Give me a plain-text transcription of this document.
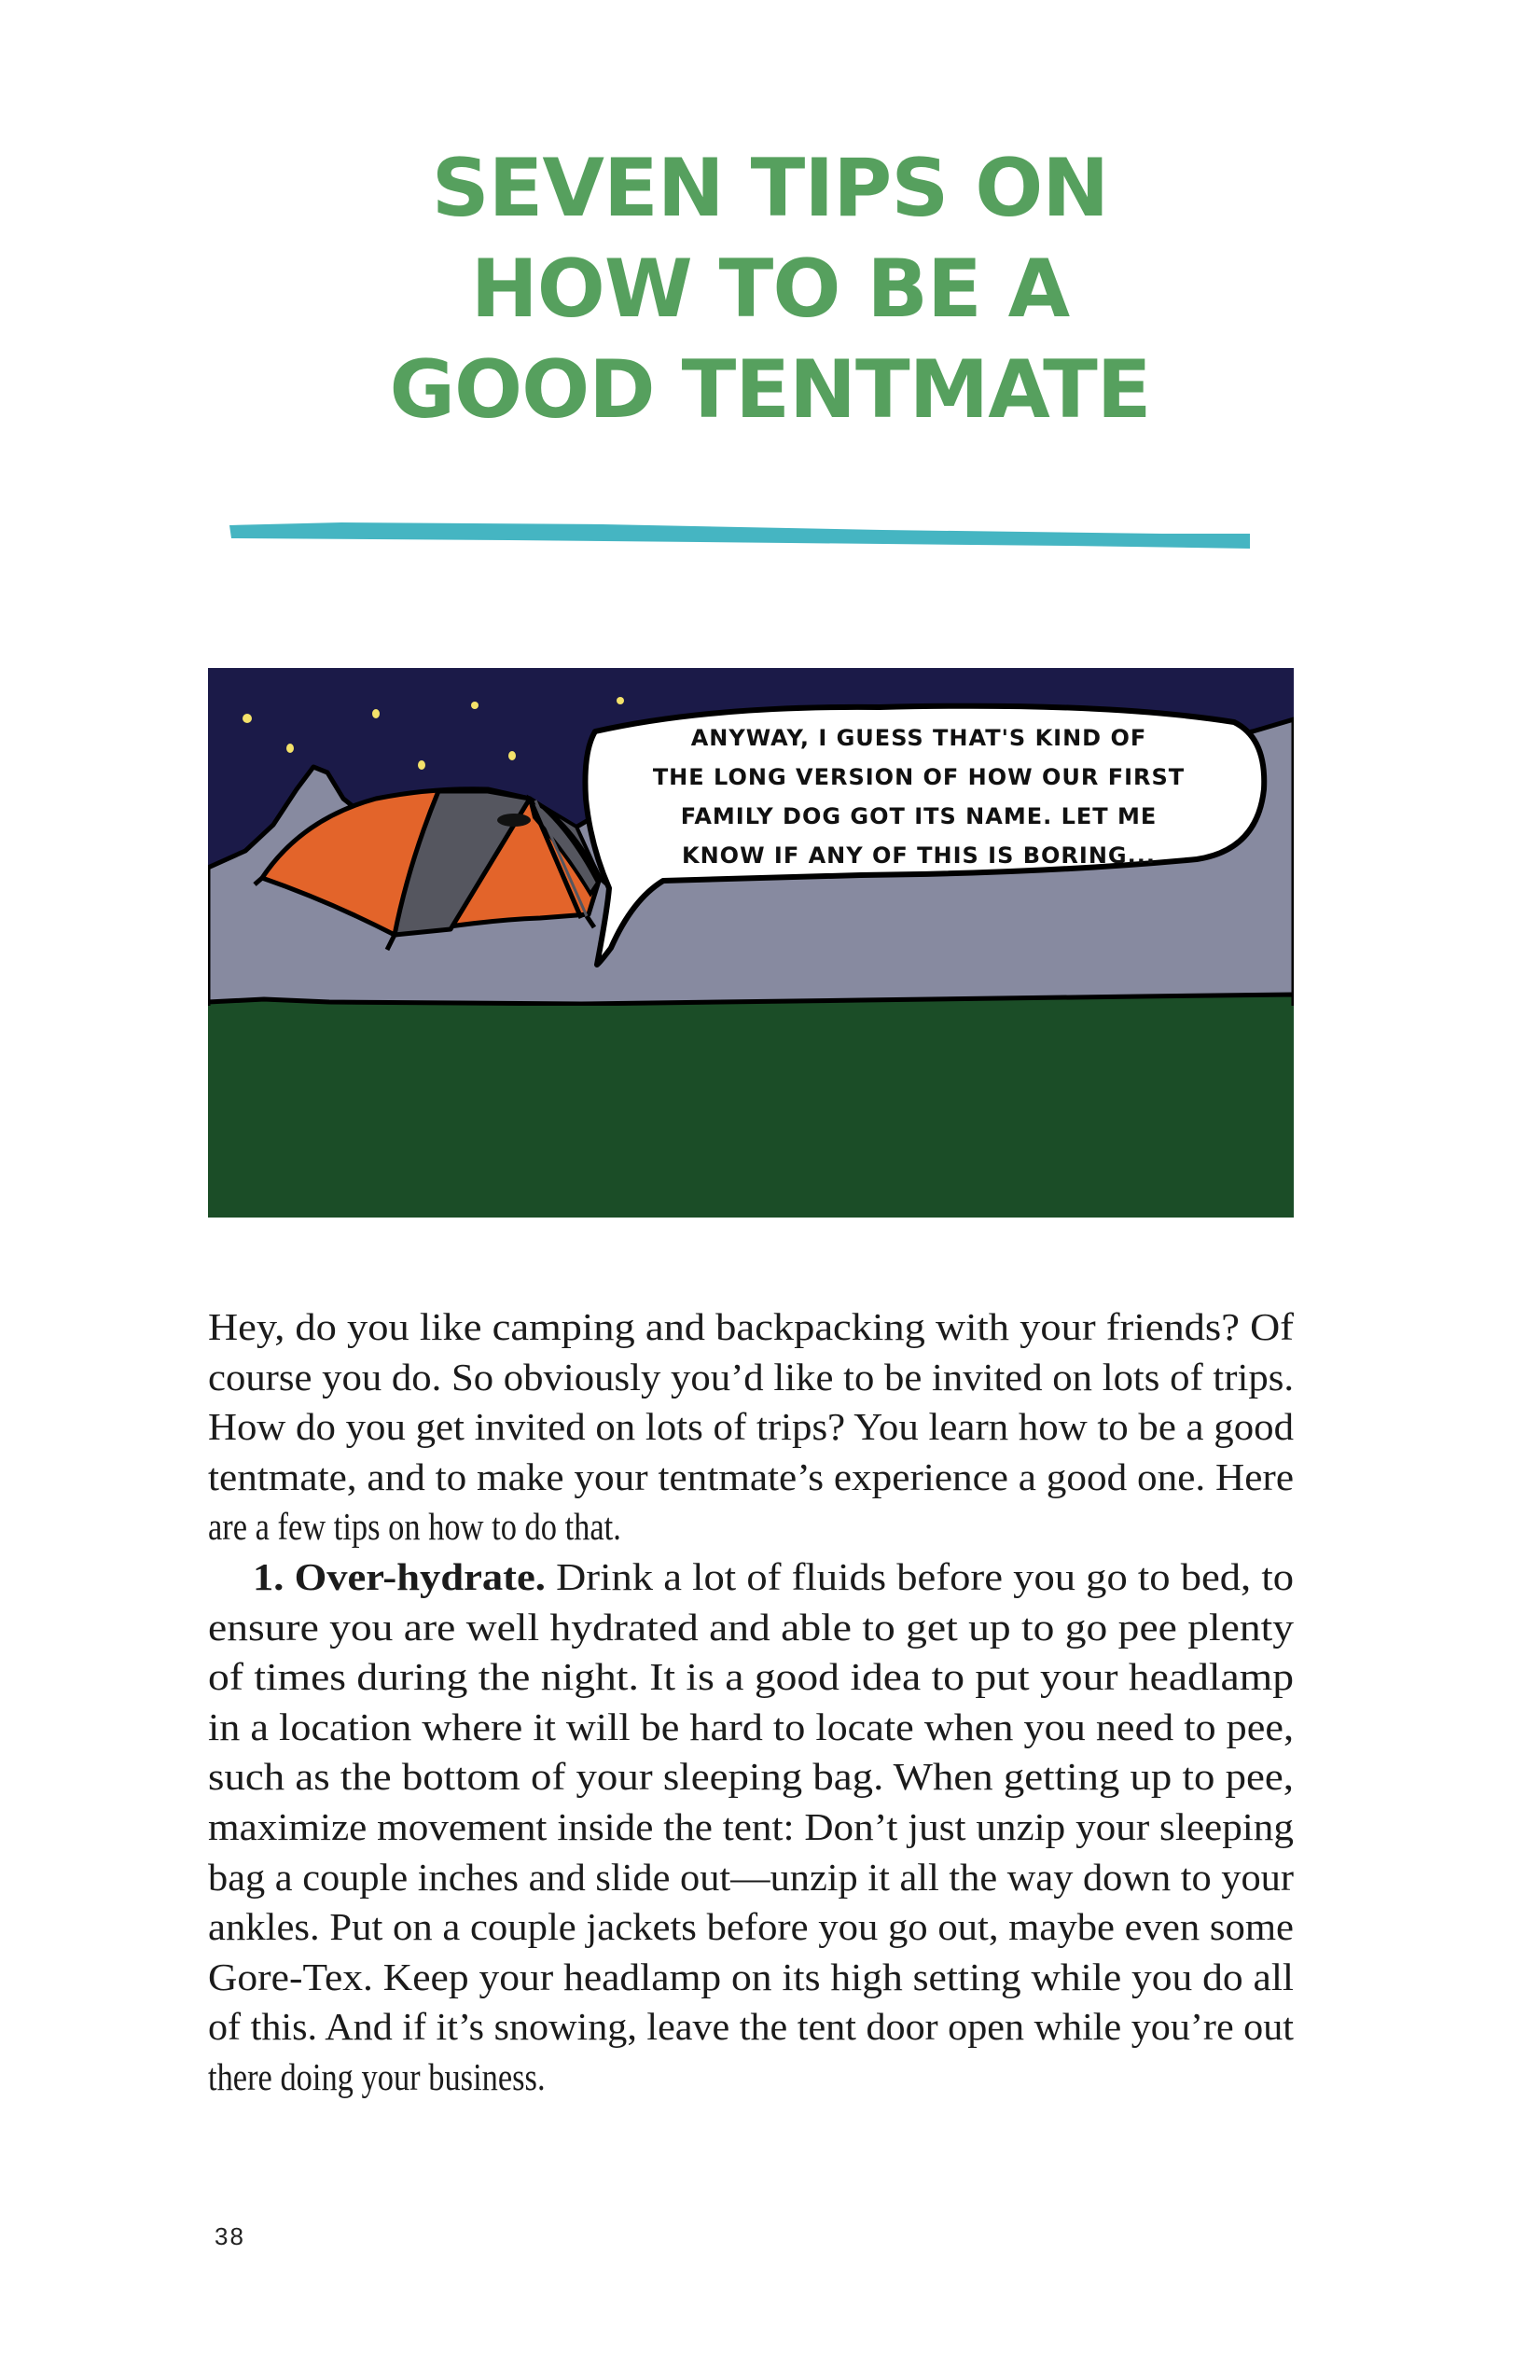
SEVEN TIPS ON
HOW TO BE A
GOOD TENTMATE
ANYWAY, I GUESS THAT'S KIND OF
THE LONG VERSION OF HOW OUR FIRST
FAMILY DOG GOT ITS NAME. LET ME
KNOW IF ANY OF THIS IS BORING...
Hey, do you like camping and backpacking with your friends? Of
course you do. So obviously you’d like to be invited on lots of trips.
How do you get invited on lots of trips? You learn how to be a good
tentmate, and to make your tentmate’s experience a good one. Here
are a few tips on how to do that.
1. Over-hydrate. Drink a lot of fluids before you go to bed, to
ensure you are well hydrated and able to get up to go pee plenty
of times during the night. It is a good idea to put your headlamp
in a location where it will be hard to locate when you need to pee,
such as the bottom of your sleeping bag. When getting up to pee,
maximize movement inside the tent: Don’t just unzip your sleeping
bag a couple inches and slide out—unzip it all the way down to your
ankles. Put on a couple jackets before you go out, maybe even some
Gore-Tex. Keep your headlamp on its high setting while you do all
of this. And if it’s snowing, leave the tent door open while you’re out
there doing your business.
38
